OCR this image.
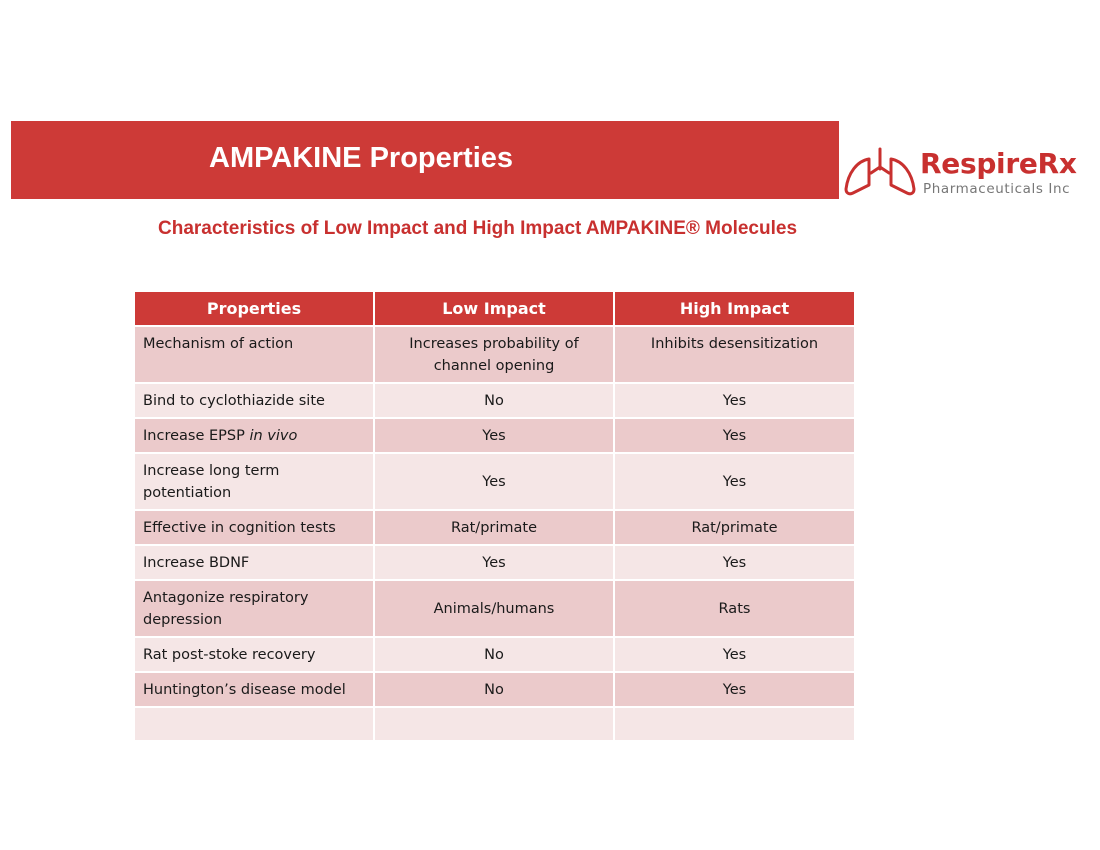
AMPAKINE Properties	RespireRx
Pharmaceuticals Inc
Characteristics of Low Impact and High Impact AMPAKINE® Molecules
Properties	Low Impact	High Impact
Mechanism of action	Increases probability of channel opening	Inhibits desensitization
Bind to cyclothiazide site	No	Yes
Increase EPSP in vivo	Yes	Yes
Increase long term potentiation	Yes	Yes
Effective in cognition tests	Rat/primate	Rat/primate
Increase BDNF	Yes	Yes
Antagonize respiratory depression	Animals/humans	Rats
Rat post-stoke recovery	No	Yes
Huntington’s disease model	No	Yes
